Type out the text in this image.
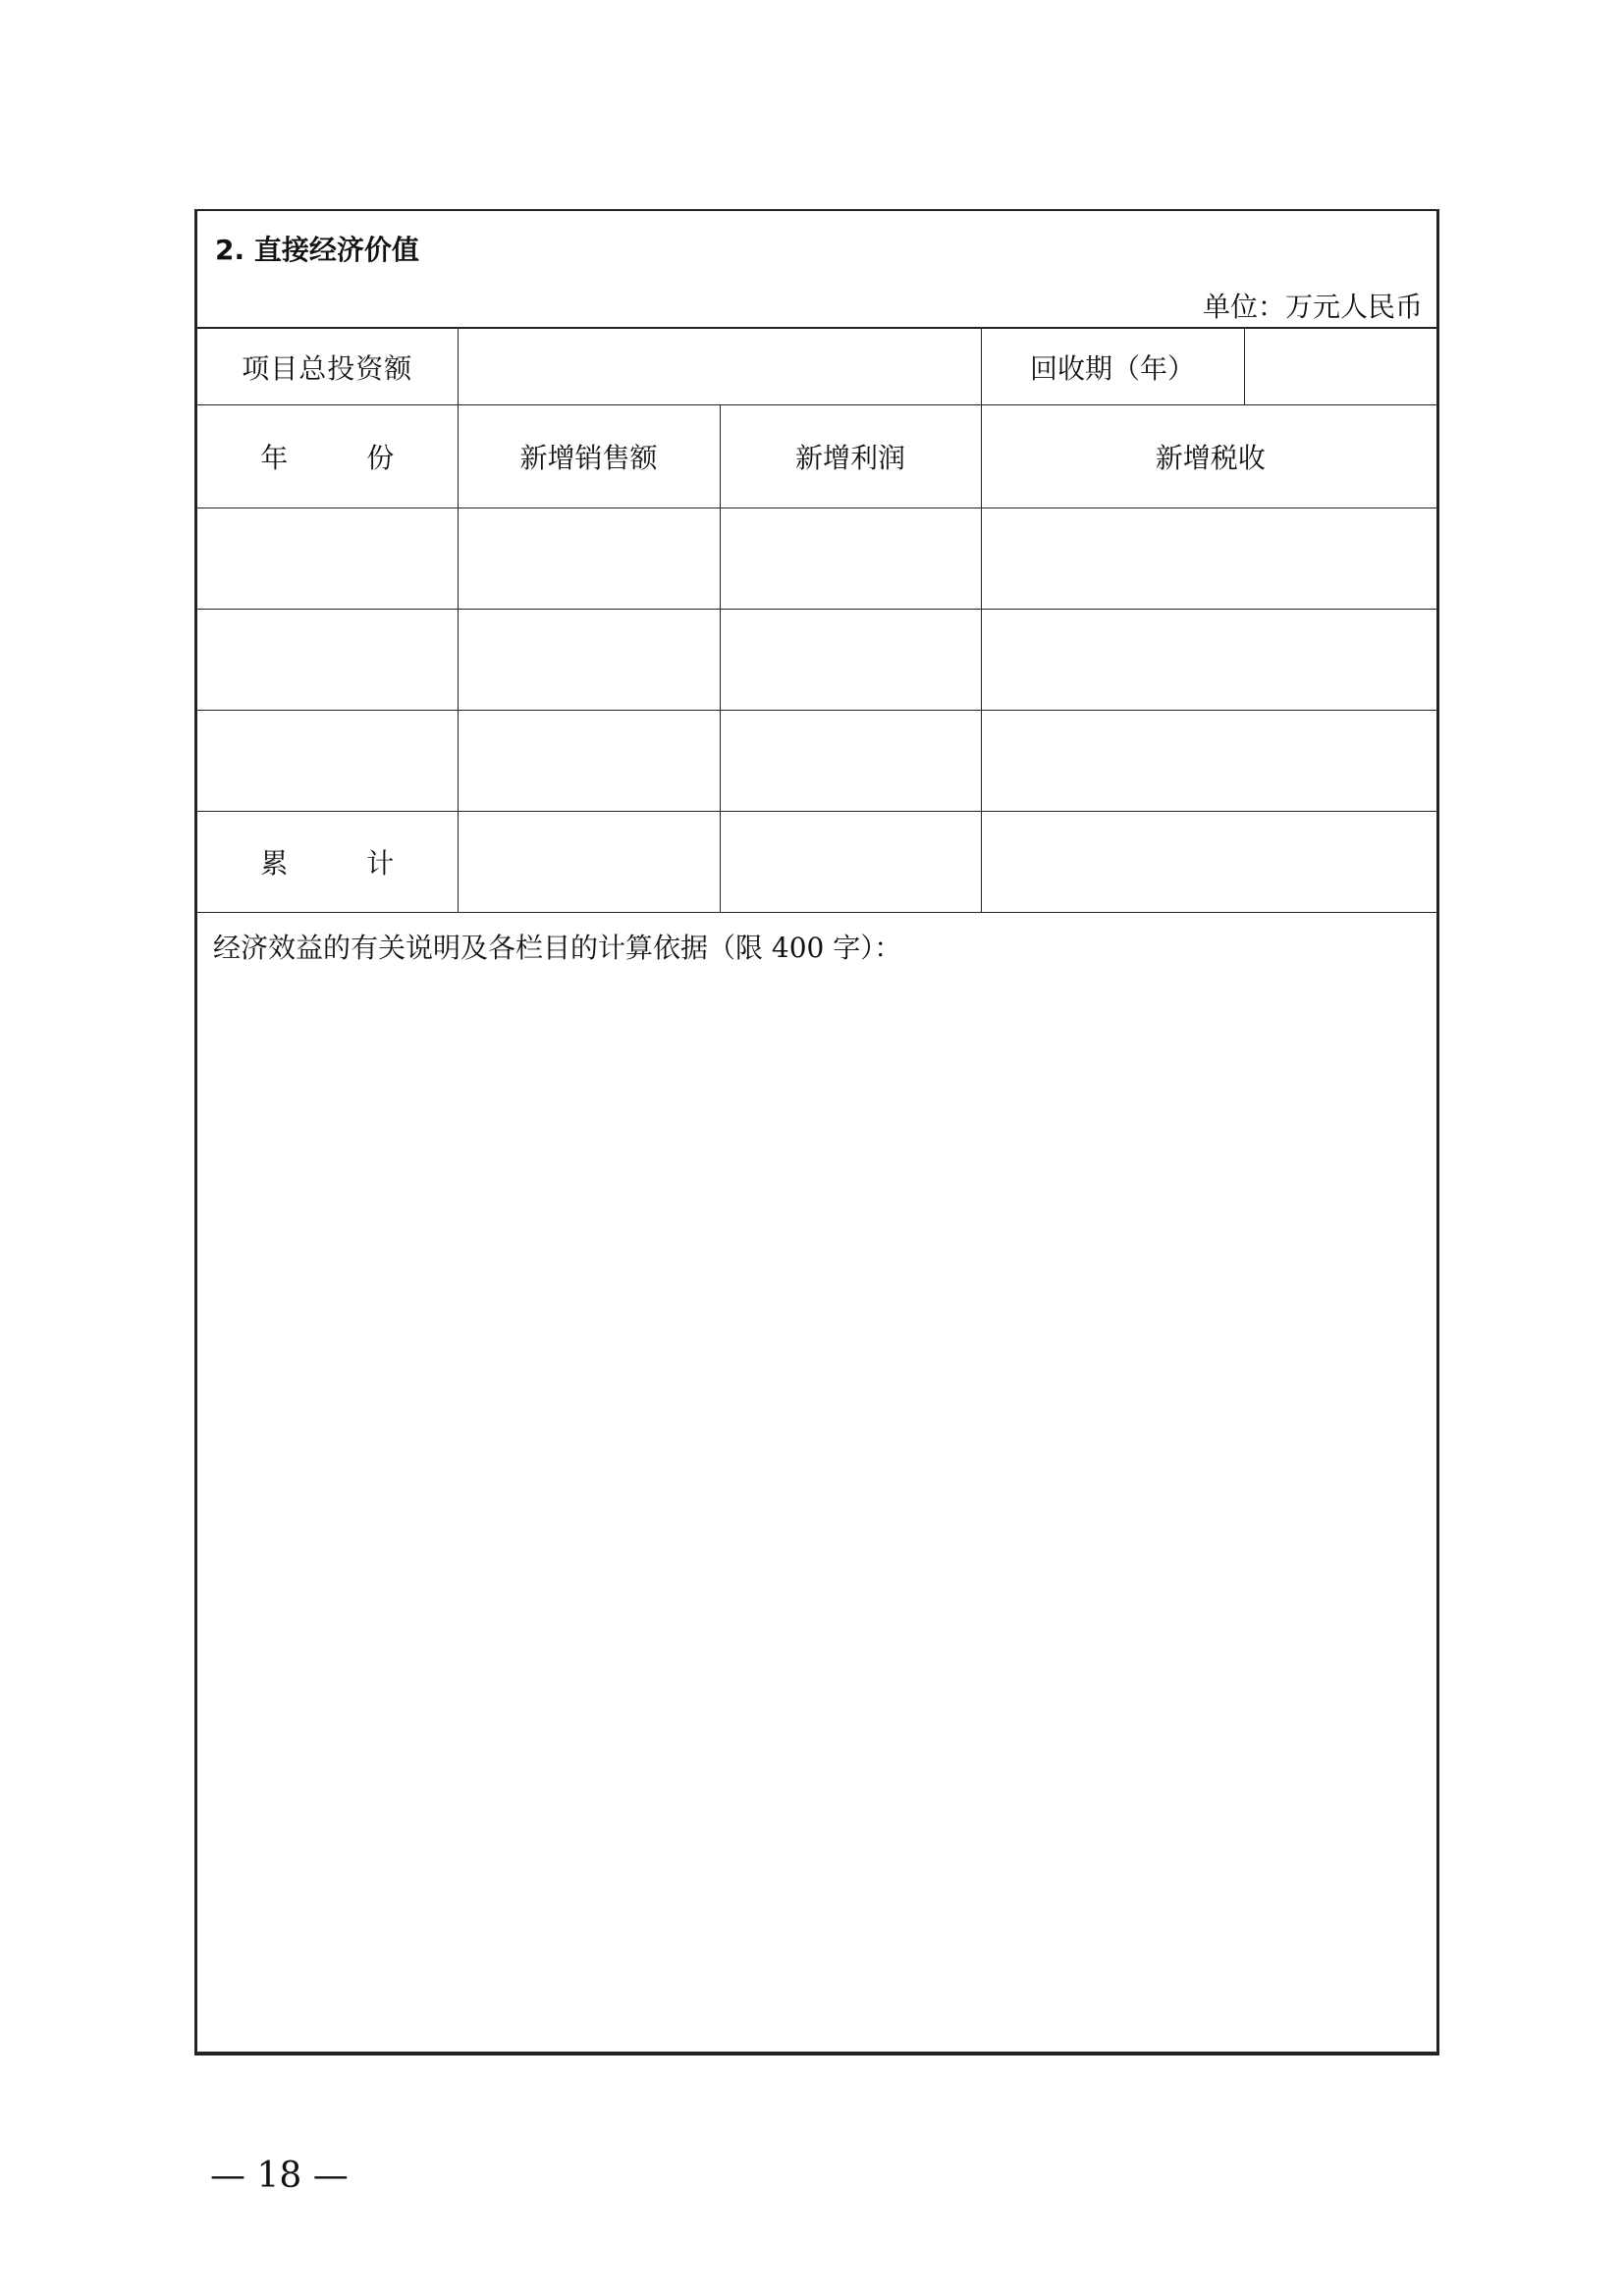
2. 直接经济价值
单位：万元人民币
项目总投资额			回收期（年）	
年 份	新增销售额	新增利润	新增税收	

累 计				
经济效益的有关说明及各栏目的计算依据（限 400 字）：
— 18 —
